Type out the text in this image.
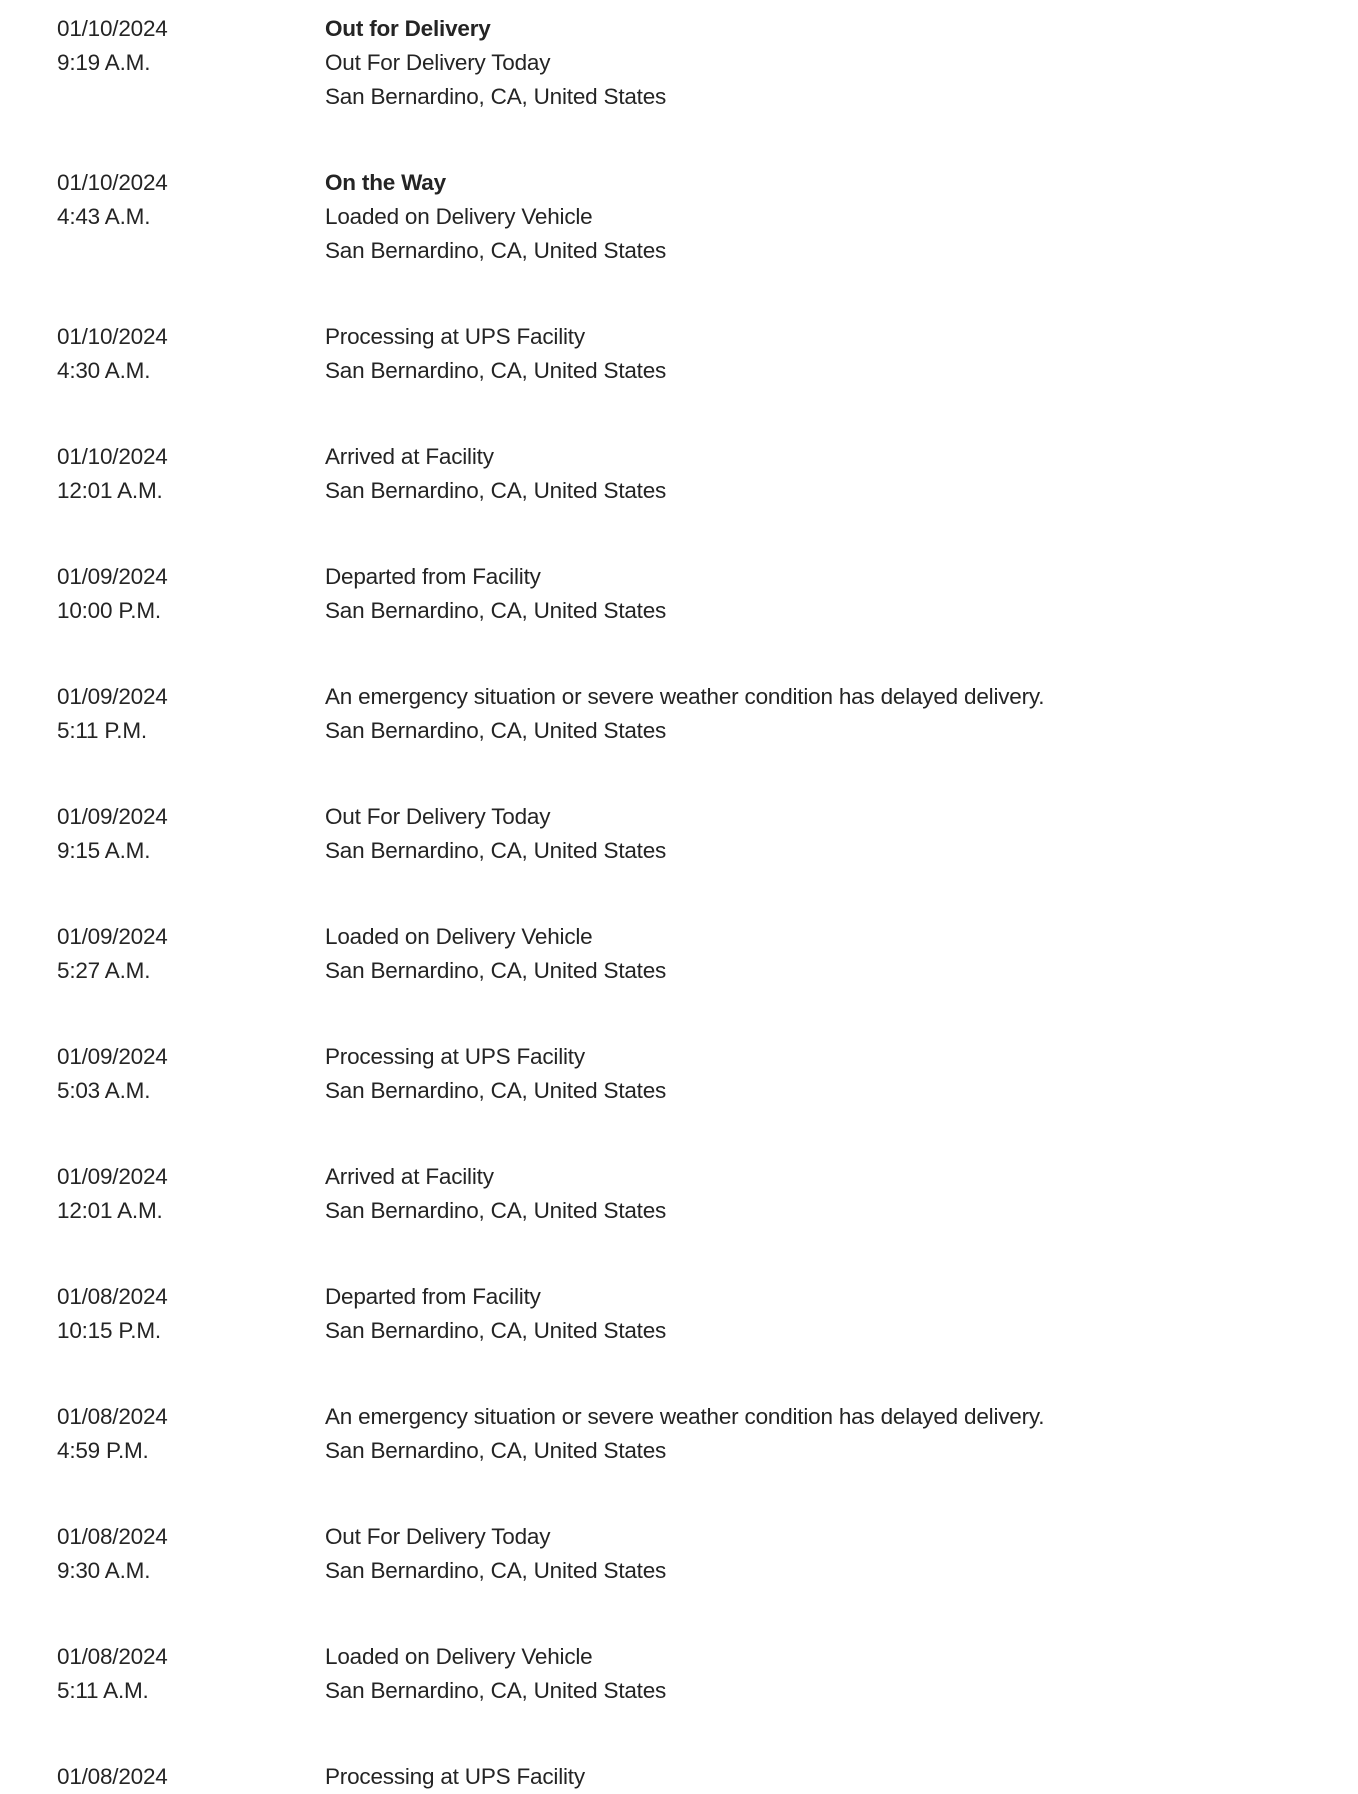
01/10/2024
9:19 A.M.
Out for Delivery
Out For Delivery Today
San Bernardino, CA, United States
01/10/2024
4:43 A.M.
On the Way
Loaded on Delivery Vehicle
San Bernardino, CA, United States
01/10/2024
4:30 A.M.
Processing at UPS Facility
San Bernardino, CA, United States
01/10/2024
12:01 A.M.
Arrived at Facility
San Bernardino, CA, United States
01/09/2024
10:00 P.M.
Departed from Facility
San Bernardino, CA, United States
01/09/2024
5:11 P.M.
An emergency situation or severe weather condition has delayed delivery.
San Bernardino, CA, United States
01/09/2024
9:15 A.M.
Out For Delivery Today
San Bernardino, CA, United States
01/09/2024
5:27 A.M.
Loaded on Delivery Vehicle
San Bernardino, CA, United States
01/09/2024
5:03 A.M.
Processing at UPS Facility
San Bernardino, CA, United States
01/09/2024
12:01 A.M.
Arrived at Facility
San Bernardino, CA, United States
01/08/2024
10:15 P.M.
Departed from Facility
San Bernardino, CA, United States
01/08/2024
4:59 P.M.
An emergency situation or severe weather condition has delayed delivery.
San Bernardino, CA, United States
01/08/2024
9:30 A.M.
Out For Delivery Today
San Bernardino, CA, United States
01/08/2024
5:11 A.M.
Loaded on Delivery Vehicle
San Bernardino, CA, United States
01/08/2024	Processing at UPS Facility
